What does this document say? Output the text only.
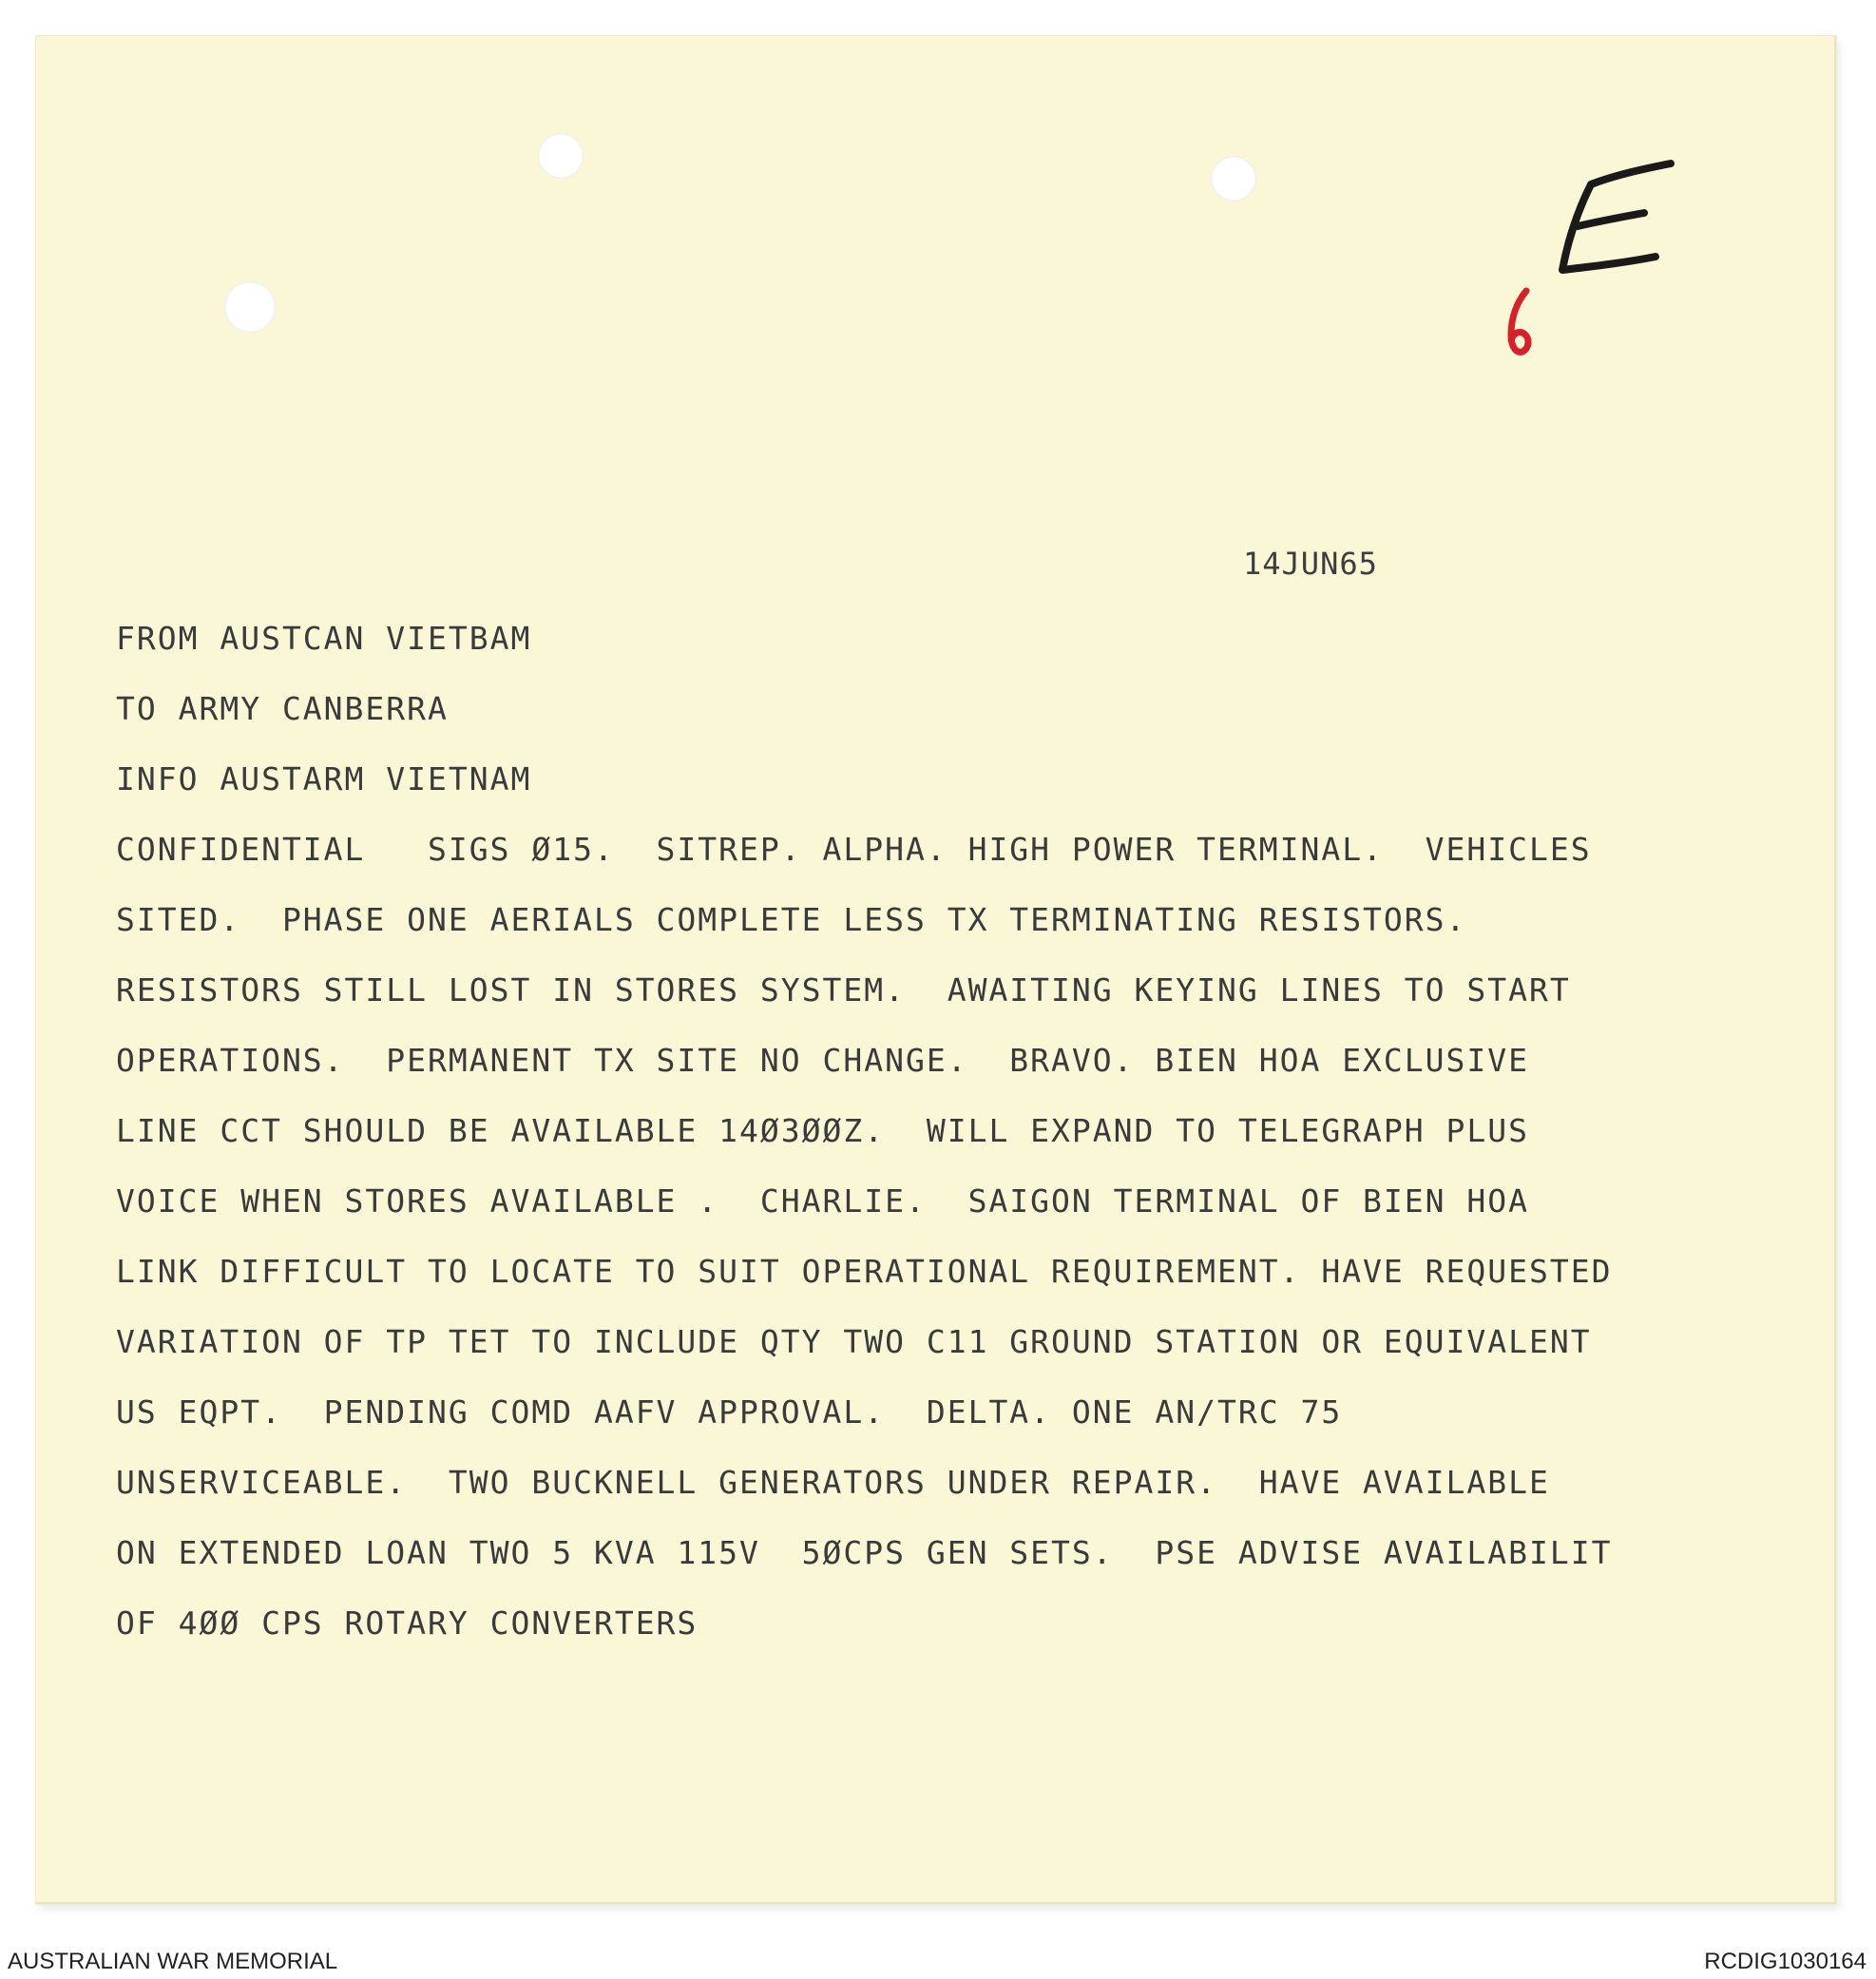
14JUN65
FROM AUSTCAN VIETBAM
TO ARMY CANBERRA
INFO AUSTARM VIETNAM
CONFIDENTIAL   SIGS Ø15.  SITREP. ALPHA. HIGH POWER TERMINAL.  VEHICLES
SITED.  PHASE ONE AERIALS COMPLETE LESS TX TERMINATING RESISTORS.
RESISTORS STILL LOST IN STORES SYSTEM.  AWAITING KEYING LINES TO START
OPERATIONS.  PERMANENT TX SITE NO CHANGE.  BRAVO. BIEN HOA EXCLUSIVE
LINE CCT SHOULD BE AVAILABLE 14Ø3ØØZ.  WILL EXPAND TO TELEGRAPH PLUS
VOICE WHEN STORES AVAILABLE .  CHARLIE.  SAIGON TERMINAL OF BIEN HOA
LINK DIFFICULT TO LOCATE TO SUIT OPERATIONAL REQUIREMENT. HAVE REQUESTED
VARIATION OF TP TET TO INCLUDE QTY TWO C11 GROUND STATION OR EQUIVALENT
US EQPT.  PENDING COMD AAFV APPROVAL.  DELTA. ONE AN/TRC 75
UNSERVICEABLE.  TWO BUCKNELL GENERATORS UNDER REPAIR.  HAVE AVAILABLE
ON EXTENDED LOAN TWO 5 KVA 115V  5ØCPS GEN SETS.  PSE ADVISE AVAILABILIT
OF 4ØØ CPS ROTARY CONVERTERS
AUSTRALIAN WAR MEMORIAL	RCDIG1030164
